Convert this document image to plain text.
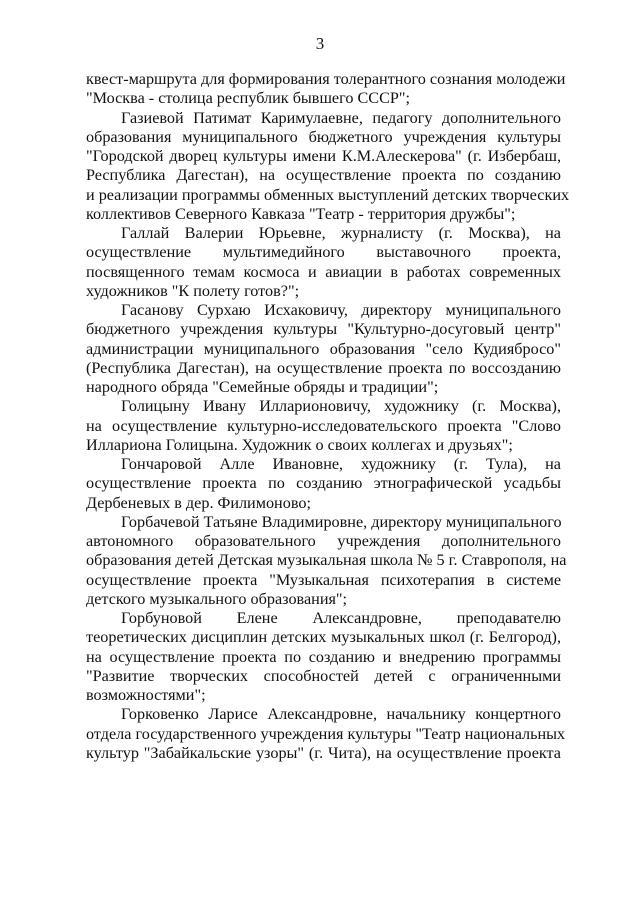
3
квест-маршрута для формирования толерантного сознания молодежи
"Москва - столица республик бывшего СССР";
Газиевой Патимат Каримулаевне, педагогу дополнительного
образования муниципального бюджетного учреждения культуры
"Городской дворец культуры имени К.М.Алескерова" (г. Избербаш,
Республика Дагестан), на осуществление проекта по созданию
и реализации программы обменных выступлений детских творческих
коллективов Северного Кавказа "Театр - территория дружбы";
Галлай Валерии Юрьевне, журналисту (г. Москва), на
осуществление мультимедийного выставочного проекта,
посвященного темам космоса и авиации в работах современных
художников "К полету готов?";
Гасанову Сурхаю Исхаковичу, директору муниципального
бюджетного учреждения культуры "Культурно-досуговый центр"
администрации муниципального образования "село Кудиябросо"
(Республика Дагестан), на осуществление проекта по воссозданию
народного обряда "Семейные обряды и традиции";
Голицыну Ивану Илларионовичу, художнику (г. Москва),
на осуществление культурно-исследовательского проекта "Слово
Иллариона Голицына. Художник о своих коллегах и друзьях";
Гончаровой Алле Ивановне, художнику (г. Тула), на
осуществление проекта по созданию этнографической усадьбы
Дербеневых в дер. Филимоново;
Горбачевой Татьяне Владимировне, директору муниципального
автономного образовательного учреждения дополнительного
образования детей Детская музыкальная школа № 5 г. Ставрополя, на
осуществление проекта "Музыкальная психотерапия в системе
детского музыкального образования";
Горбуновой Елене Александровне, преподавателю
теоретических дисциплин детских музыкальных школ (г. Белгород),
на осуществление проекта по созданию и внедрению программы
"Развитие творческих способностей детей с ограниченными
возможностями";
Горковенко Ларисе Александровне, начальнику концертного
отдела государственного учреждения культуры "Театр национальных
культур "Забайкальские узоры" (г. Чита), на осуществление проекта
